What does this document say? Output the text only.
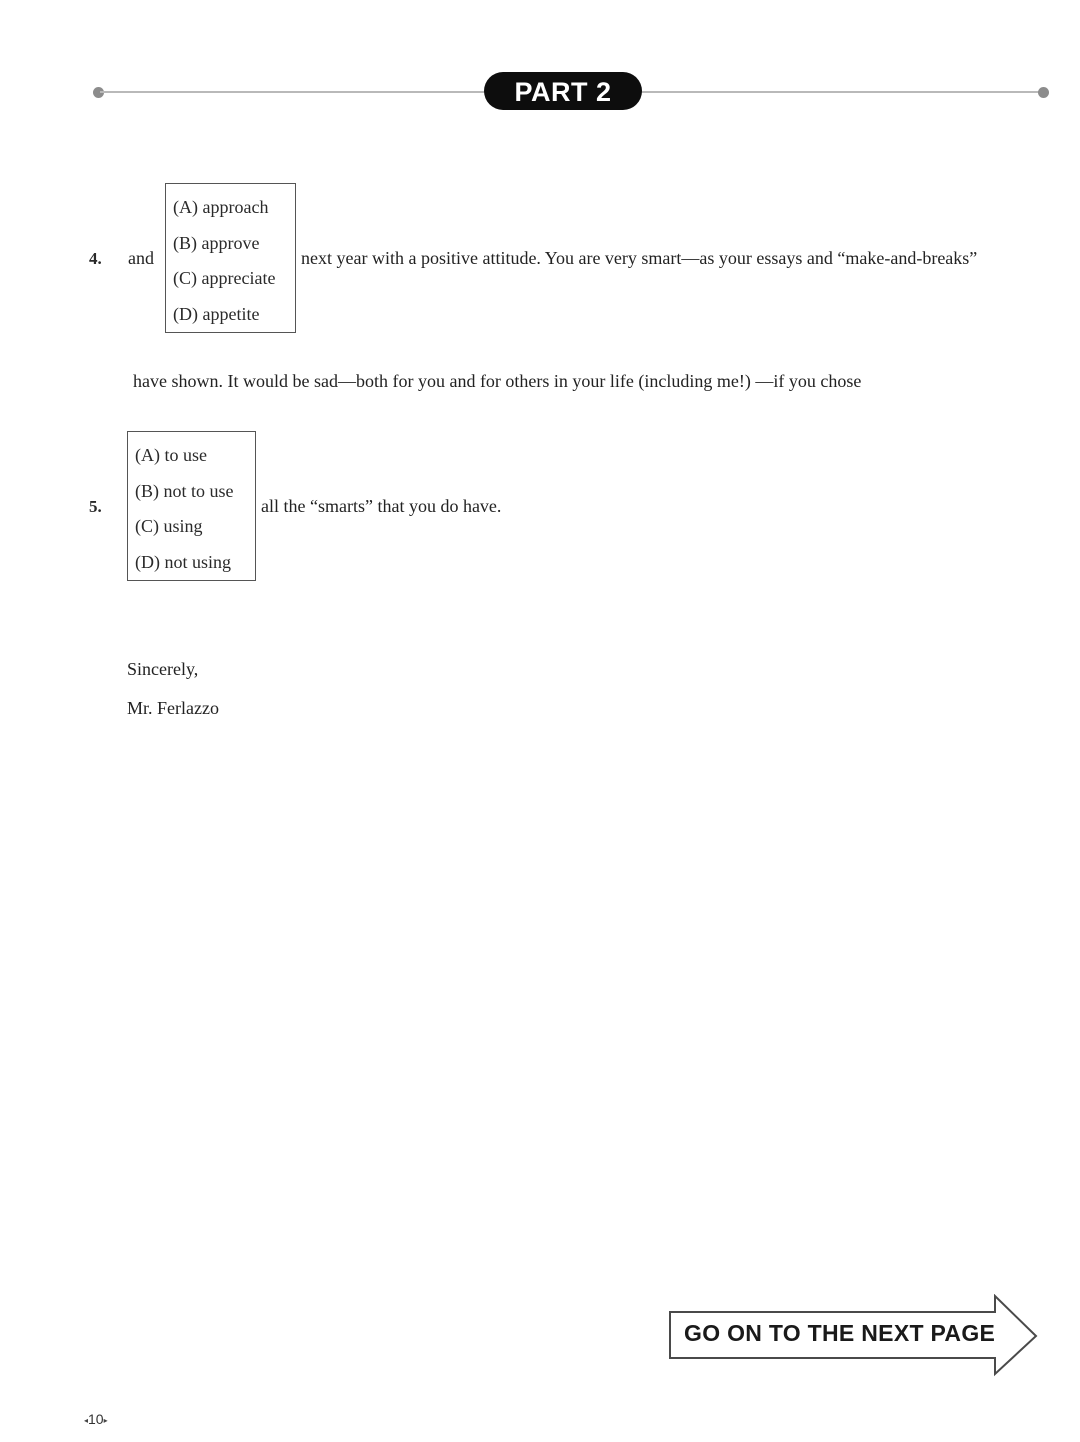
PART 2
4. and
(A) approach
(B) approve
(C) appreciate
(D) appetite
next year with a positive attitude. You are very smart—as your essays and “make-and-breaks”
have shown. It would be sad—both for you and for others in your life (including me!) —if you chose
5.
(A) to use
(B) not to use
(C) using
(D) not using
all the “smarts” that you do have.
Sincerely,
Mr. Ferlazzo
GO ON TO THE NEXT PAGE
◂10▸
